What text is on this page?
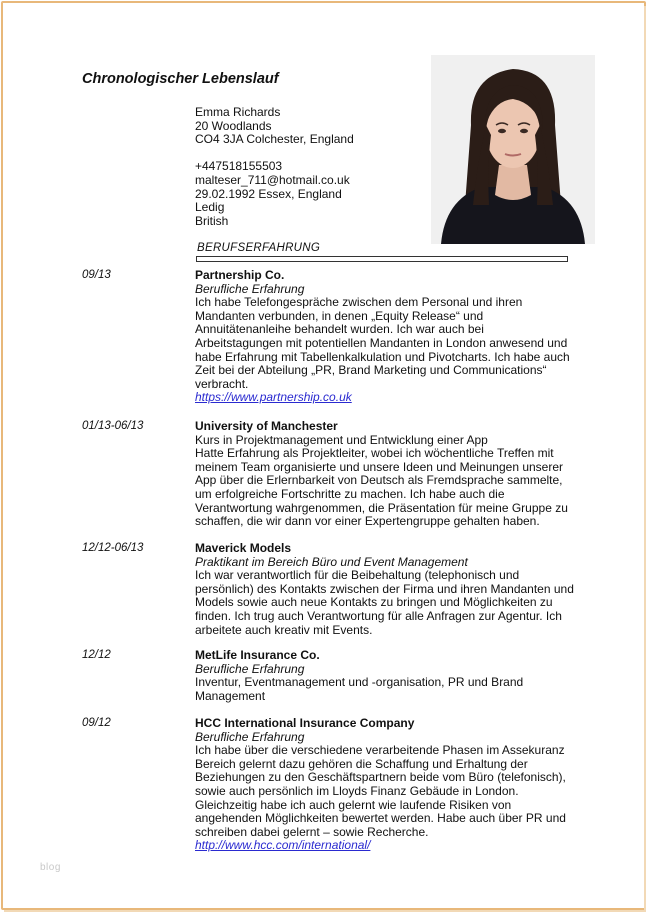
Chronologischer Lebenslauf
Emma Richards
20 Woodlands
CO4 3JA Colchester, England
+447518155503
malteser_711@hotmail.co.uk
29.02.1992 Essex, England
Ledig
British
BERUFSERFAHRUNG
09/13	Partnership Co.
Berufliche Erfahrung
Ich habe Telefongespräche zwischen dem Personal und ihren
Mandanten verbunden, in denen „Equity Release“ und
Annuitätenanleihe behandelt wurden. Ich war auch bei
Arbeitstagungen mit potentiellen Mandanten in London anwesend und
habe Erfahrung mit Tabellenkalkulation und Pivotcharts. Ich habe auch
Zeit bei der Abteilung „PR, Brand Marketing und Communications“
verbracht.
https://www.partnership.co.uk
01/13-06/13	University of Manchester
Kurs in Projektmanagement und Entwicklung einer App
Hatte Erfahrung als Projektleiter, wobei ich wöchentliche Treffen mit
meinem Team organisierte und unsere Ideen und Meinungen unserer
App über die Erlernbarkeit von Deutsch als Fremdsprache sammelte,
um erfolgreiche Fortschritte zu machen. Ich habe auch die
Verantwortung wahrgenommen, die Präsentation für meine Gruppe zu
schaffen, die wir dann vor einer Expertengruppe gehalten haben.
12/12-06/13	Maverick Models
Praktikant im Bereich Büro und Event Management
Ich war verantwortlich für die Beibehaltung (telephonisch und
persönlich) des Kontakts zwischen der Firma und ihren Mandanten und
Models sowie auch neue Kontakts zu bringen und Möglichkeiten zu
finden. Ich trug auch Verantwortung für alle Anfragen zur Agentur. Ich
arbeitete auch kreativ mit Events.
12/12	MetLife Insurance Co.
Berufliche Erfahrung
Inventur, Eventmanagement und -organisation, PR und Brand
Management
09/12	HCC International Insurance Company
Berufliche Erfahrung
Ich habe über die verschiedene verarbeitende Phasen im Assekuranz
Bereich gelernt dazu gehören die Schaffung und Erhaltung der
Beziehungen zu den Geschäftspartnern beide vom Büro (telefonisch),
sowie auch persönlich im Lloyds Finanz Gebäude in London.
Gleichzeitig habe ich auch gelernt wie laufende Risiken von
angehenden Möglichkeiten bewertet werden. Habe auch über PR und
schreiben dabei gelernt – sowie Recherche.
http://www.hcc.com/international/
blog
